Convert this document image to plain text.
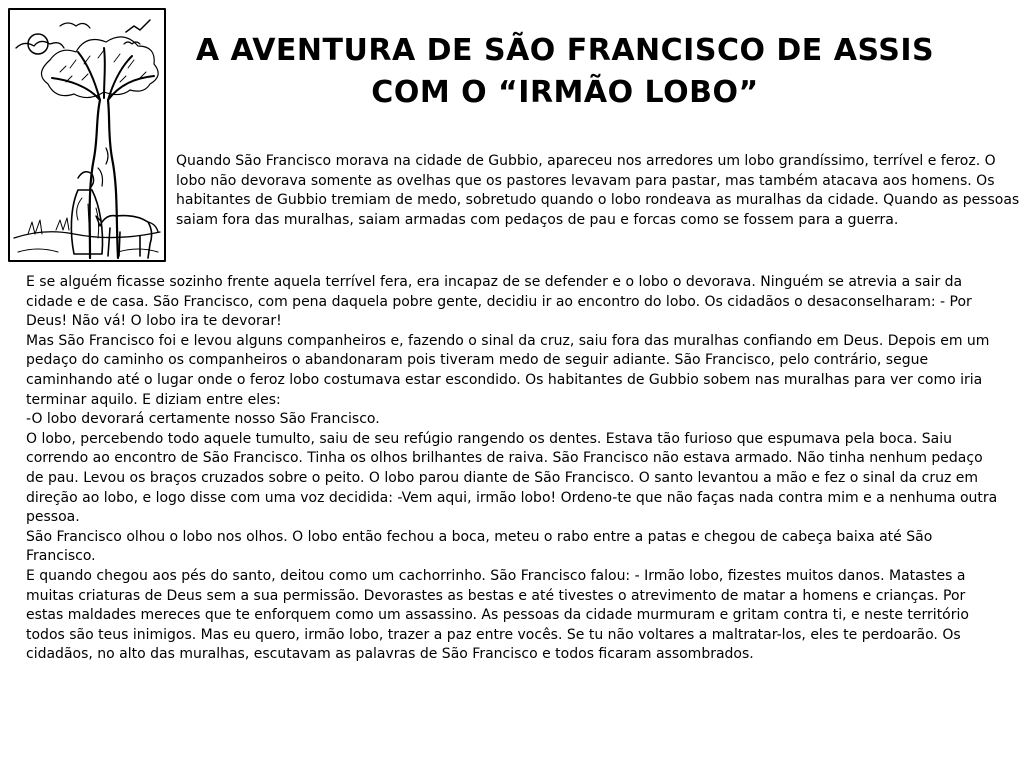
A AVENTURA DE SÃO FRANCISCO DE ASSIS
COM O “IRMÃO LOBO”

Quando São Francisco morava na cidade de Gubbio, apareceu nos arredores um lobo grandíssimo, terrível e feroz. O lobo não devorava somente as ovelhas que os pastores levavam para pastar, mas também atacava aos homens. Os habitantes de Gubbio tremiam de medo, sobretudo quando o lobo rondeava as muralhas da cidade. Quando as pessoas saiam fora das muralhas, saiam armadas com pedaços de pau e forcas como se fossem para a guerra.

E se alguém ficasse sozinho frente aquela terrível fera, era incapaz de se defender e o lobo o devorava. Ninguém se atrevia a sair da cidade e de casa. São Francisco, com pena daquela pobre gente, decidiu ir ao encontro do lobo. Os cidadãos o desaconselharam: - Por Deus! Não vá! O lobo ira te devorar!

Mas São Francisco foi e levou alguns companheiros e, fazendo o sinal da cruz, saiu fora das muralhas confiando em Deus. Depois em um pedaço do caminho os companheiros o abandonaram pois tiveram medo de seguir adiante. São Francisco, pelo contrário, segue caminhando até o lugar onde o feroz lobo costumava estar escondido. Os habitantes de Gubbio sobem nas muralhas para ver como iria terminar aquilo. E diziam entre eles:

-O lobo devorará certamente nosso São Francisco.

O lobo, percebendo todo aquele tumulto, saiu de seu refúgio rangendo os dentes. Estava tão furioso que espumava pela boca. Saiu correndo ao encontro de São Francisco. Tinha os olhos brilhantes de raiva. São Francisco não estava armado. Não tinha nenhum pedaço de pau. Levou os braços cruzados sobre o peito. O lobo parou diante de São Francisco. O santo levantou a mão e fez o sinal da cruz em direção ao lobo, e logo disse com uma voz decidida: -Vem aqui, irmão lobo! Ordeno-te que não faças nada contra mim e a nenhuma outra pessoa.

São Francisco olhou o lobo nos olhos. O lobo então fechou a boca, meteu o rabo entre a patas e chegou de cabeça baixa até São Francisco.

E quando chegou aos pés do santo, deitou como um cachorrinho. São Francisco falou: - Irmão lobo, fizestes muitos danos. Matastes a muitas criaturas de Deus sem a sua permissão. Devorastes as bestas e até tivestes o atrevimento de matar a homens e crianças. Por estas maldades mereces que te enforquem como um assassino. As pessoas da cidade murmuram e gritam contra ti, e neste território todos são teus inimigos. Mas eu quero, irmão lobo, trazer a paz entre vocês. Se tu não voltares a maltratar-los, eles te perdoarão. Os cidadãos, no alto das muralhas, escutavam as palavras de São Francisco e todos ficaram assombrados.
